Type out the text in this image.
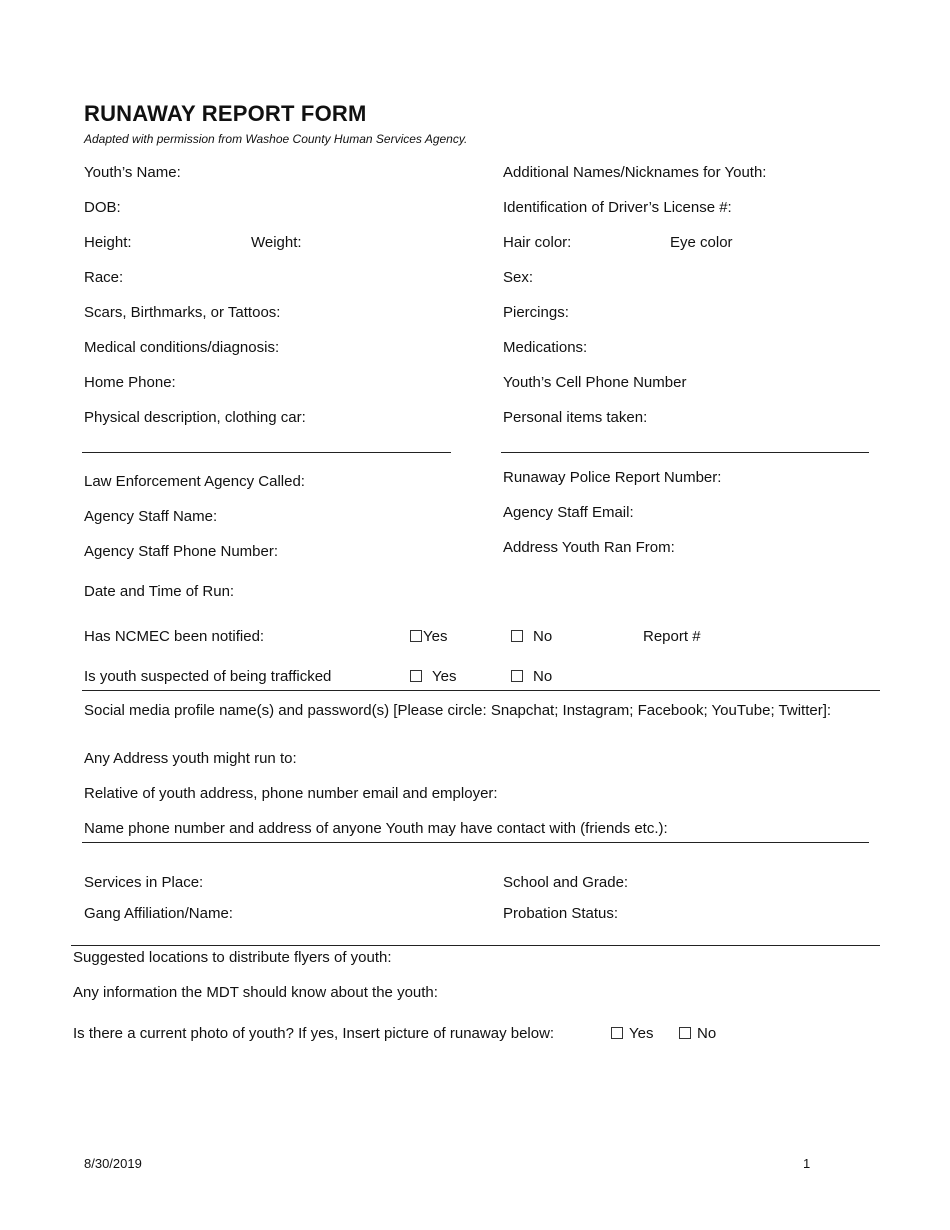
RUNAWAY REPORT FORM
Adapted with permission from Washoe County Human Services Agency.
Youth’s Name:	Additional Names/Nicknames for Youth:
DOB:	Identification of Driver’s License #:
Height:	Weight:	Hair color:	Eye color
Race:	Sex:
Scars, Birthmarks, or Tattoos:	Piercings:
Medical conditions/diagnosis:	Medications:
Home Phone:	Youth’s Cell Phone Number
Physical description, clothing car:	Personal items taken:
Law Enforcement Agency Called:	Runaway Police Report Number:
Agency Staff Name:	Agency Staff Email:
Agency Staff Phone Number:	Address Youth Ran From:
Date and Time of Run:
Has NCMEC been notified:	Yes	No	Report #
Is youth suspected of being trafficked	Yes	No
Social media profile name(s) and password(s) [Please circle: Snapchat; Instagram; Facebook; YouTube; Twitter]:
Any Address youth might run to:
Relative of youth address, phone number email and employer:
Name phone number and address of anyone Youth may have contact with (friends etc.):
Services in Place:	School and Grade:
Gang Affiliation/Name:	Probation Status:
Suggested locations to distribute flyers of youth:
Any information the MDT should know about the youth:
Is there a current photo of youth? If yes, Insert picture of runaway below:	Yes	No
8/30/2019	1
